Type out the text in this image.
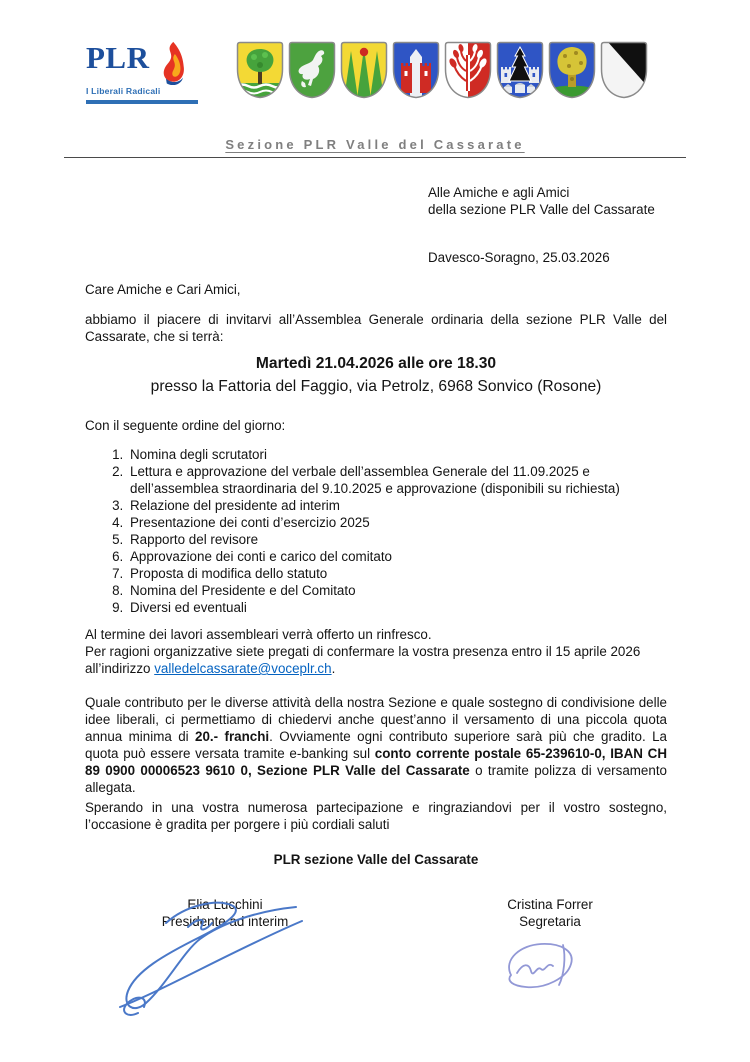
PLR
I Liberali Radicali
Sezione PLR Valle del Cassarate
Alle Amiche e agli Amici
della sezione PLR Valle del Cassarate
Davesco-Soragno, 25.03.2026
Care Amiche e Cari Amici,

abbiamo il piacere di invitarvi all’Assemblea Generale ordinaria della sezione PLR Valle del Cassarate, che si terrà:

Martedì 21.04.2026 alle ore 18.30
presso la Fattoria del Faggio, via Petrolz, 6968 Sonvico (Rosone)
Con il seguente ordine del giorno:
1. Nomina degli scrutatori
2. Lettura e approvazione del verbale dell’assemblea Generale del 11.09.2025 e dell’assemblea straordinaria del 9.10.2025 e approvazione (disponibili su richiesta)
3. Relazione del presidente ad interim
4. Presentazione dei conti d’esercizio 2025
5. Rapporto del revisore
6. Approvazione dei conti e carico del comitato
7. Proposta di modifica dello statuto
8. Nomina del Presidente e del Comitato
9. Diversi ed eventuali

Al termine dei lavori assembleari verrà offerto un rinfresco.
Per ragioni organizzative siete pregati di confermare la vostra presenza entro il 15 aprile 2026 all’indirizzo valledelcassarate@voceplr.ch.

Quale contributo per le diverse attività della nostra Sezione e quale sostegno di condivisione delle idee liberali, ci permettiamo di chiedervi anche quest’anno il versamento di una piccola quota annua minima di 20.- franchi. Ovviamente ogni contributo superiore sarà più che gradito. La quota può essere versata tramite e-banking sul conto corrente postale 65-239610-0, IBAN CH 89 0900 00006523 9610 0, Sezione PLR Valle del Cassarate o tramite polizza di versamento allegata.

Sperando in una vostra numerosa partecipazione e ringraziandovi per il vostro sostegno, l’occasione è gradita per porgere i più cordiali saluti

PLR sezione Valle del Cassarate
Elia Lucchini
Presidente ad interim
Cristina Forrer
Segretaria
